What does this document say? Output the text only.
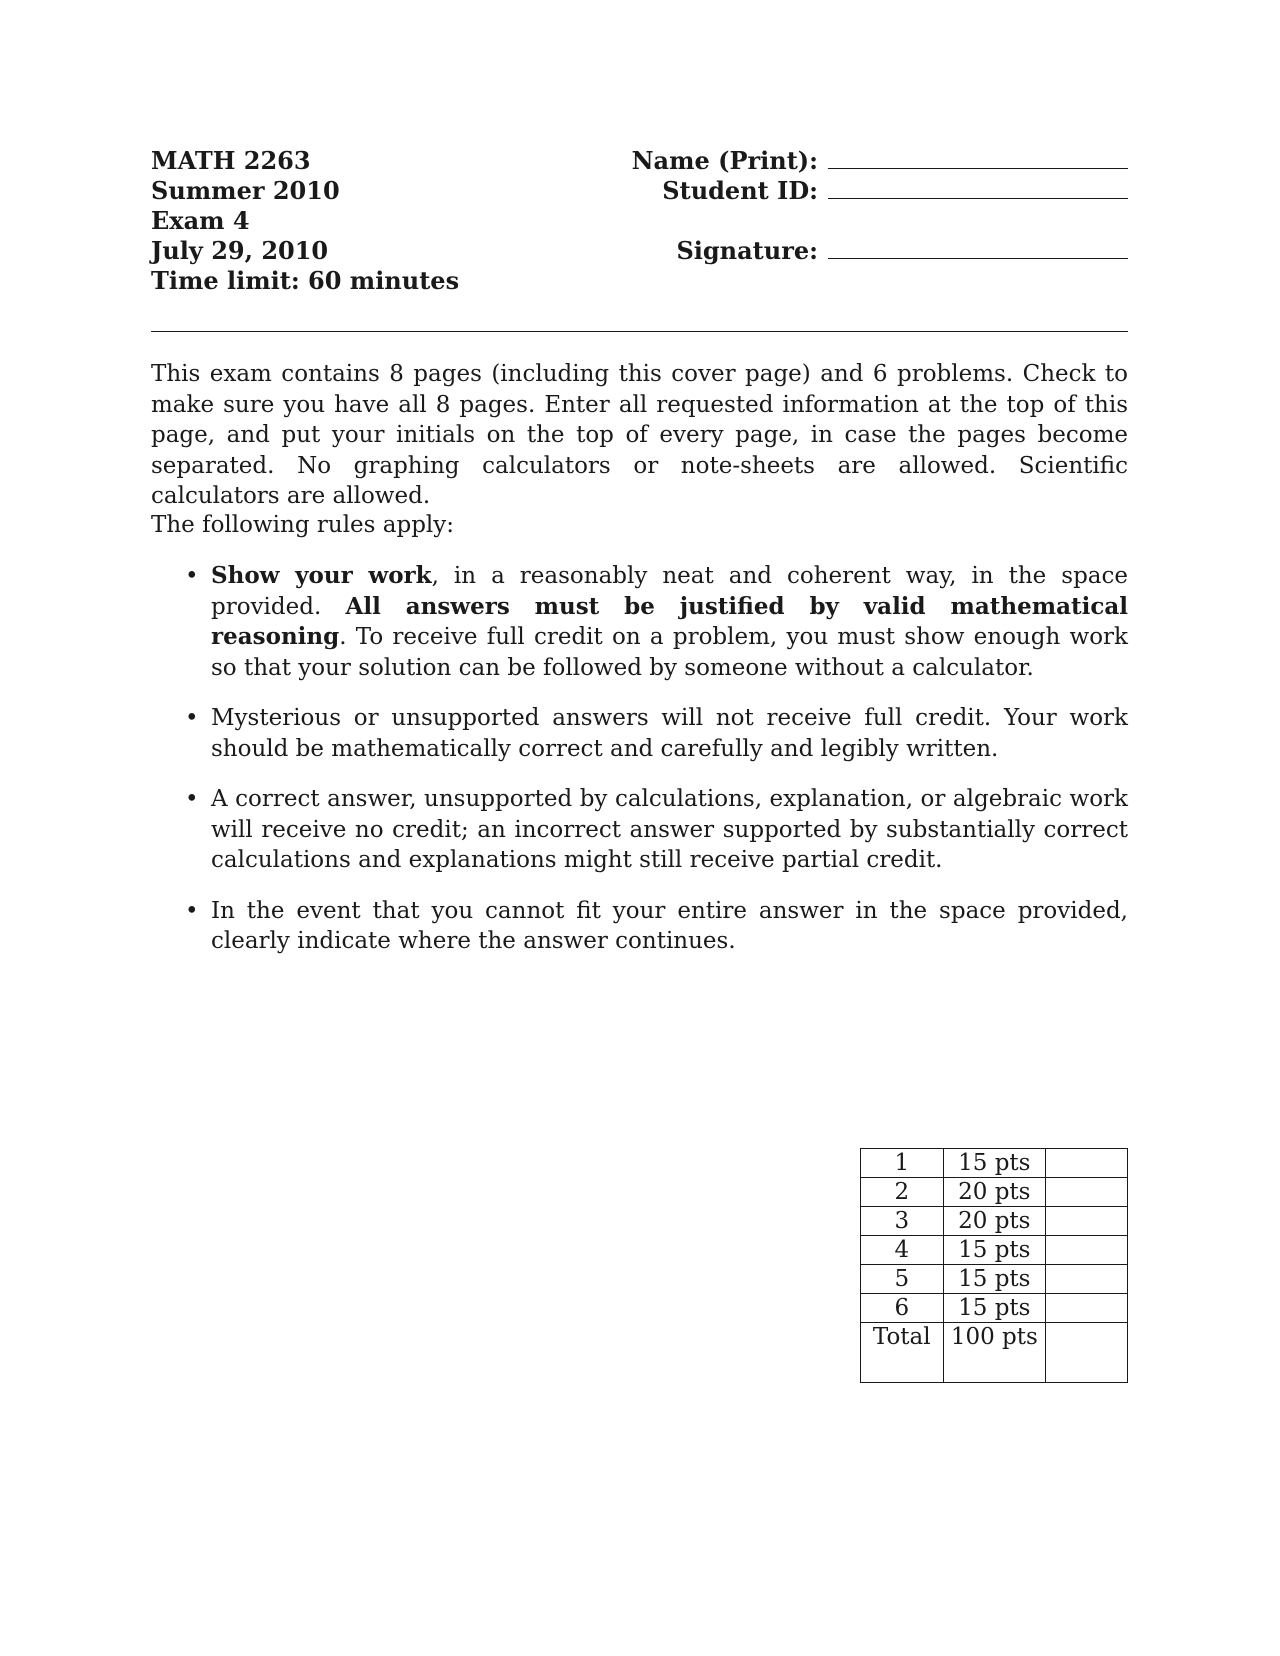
MATH 2263
Summer 2010
Exam 4
July 29, 2010
Time limit: 60 minutes
Name (Print):
Student ID:
Signature:

This exam contains 8 pages (including this cover page) and 6 problems. Check to make sure you have all 8 pages. Enter all requested information at the top of this page, and put your initials on the top of every page, in case the pages become separated. No graphing calculators or note-sheets are allowed. Scientific calculators are allowed.

The following rules apply:

• Show your work, in a reasonably neat and coherent way, in the space provided. All answers must be justified by valid mathematical reasoning. To receive full credit on a problem, you must show enough work so that your solution can be followed by someone without a calculator.
• Mysterious or unsupported answers will not receive full credit. Your work should be mathematically correct and carefully and legibly written.
• A correct answer, unsupported by calculations, explanation, or algebraic work will receive no credit; an incorrect answer supported by substantially correct calculations and explanations might still receive partial credit.
• In the event that you cannot fit your entire answer in the space provided, clearly indicate where the answer continues.
1	15 pts	
2	20 pts	
3	20 pts	
4	15 pts	
5	15 pts	
6	15 pts	
Total	100 pts	
